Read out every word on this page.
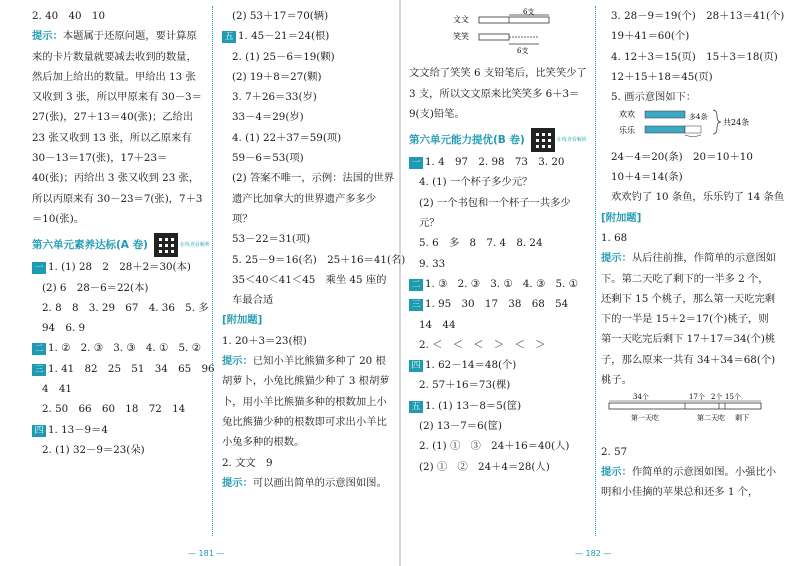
2. 40　40　10

提示：本题属于还原问题，要计算原来的卡片数量就要减去收到的数量，然后加上给出的数量。甲给出 13 张又收到 3 张，所以甲原来有 30－3＝27(张)，27＋13＝40(张)；乙给出 23 张又收到 13 张，所以乙原来有 30－13＝17(张)，17＋23＝40(张)；丙给出 3 张又收到 23 张，所以丙原来有 30－23＝7(张)，7＋3＝10(张)。

第六单元素养达标(A 卷)	在线查看解析

一 1. (1) 28　2　28＋2＝30(本)

(2) 6　28－6＝22(本)

2. 8　8　3. 29　67　4. 36　5. 多

94　6. 9

二 1. ②　2. ③　3. ③　4. ①　5. ②

三 1. 41　82　25　51　34　65　96

4　41

2. 50　66　60　18　72　14

四 1. 13－9＝4

2. (1) 32－9＝23(朵)

(2) 53＋17＝70(辆)

五 1. 45－21＝24(根)

2. (1) 25－6＝19(颗)

(2) 19＋8＝27(颗)

3. 7＋26＝33(岁)

33－4＝29(岁)

4. (1) 22＋37＝59(项)

59－6＝53(项)

(2) 答案不唯一，示例：法国的世界遗产比加拿大的世界遗产多多少项？

53－22＝31(项)

5. 25－9＝16(名)　25＋16＝41(名)

35＜40＜41＜45　乘坐 45 座的车最合适

[附加题]

1. 20＋3＝23(根)

提示：已知小羊比熊猫多种了 20 根胡萝卜，小兔比熊猫少种了 3 根胡萝卜，用小羊比熊猫多种的根数加上小兔比熊猫少种的根数即可求出小羊比小兔多种的根数。

2. 文文　9

提示：可以画出简单的示意图如图。

— 181 —
文文
笑笑
6支
6支

文文给了笑笑 6 支铅笔后，比笑笑少了 3 支，所以文文原来比笑笑多 6＋3＝9(支)铅笔。

第六单元能力提优(B 卷)	在线查看解析

一 1. 4　97　2. 98　73　3. 20

4. (1) 一个杯子多少元？

(2) 一个书包和一个杯子一共多少元？

5. 6　多　8　7. 4　8. 24

9. 33

二 1. ③　2. ③　3. ①　4. ③　5. ①

三 1. 95　30　17　38　68　54

14　44

2. ＜　＜　＜　＞　＜　＞

四 1. 62－14＝48(个)

2. 57＋16＝73(棵)

五 1. (1) 13－8＝5(筐)

(2) 13－7＝6(筐)

2. (1) ①　③　24＋16＝40(人)

(2) ①　②　24＋4＝28(人)

3. 28－9＝19(个)　28＋13＝41(个)

19＋41＝60(个)

4. 12＋3＝15(页)　15＋3＝18(页)

12＋15＋18＝45(页)

5. 画示意图如下：

欢欢
乐乐
多4条
共24条

24－4＝20(条)　20＝10＋10

10＋4＝14(条)

欢欢钓了 10 条鱼，乐乐钓了 14 条鱼

[附加题]

1. 68

提示：从后往前推，作简单的示意图如下。第二天吃了剩下的一半多 2 个，还剩下 15 个桃子，那么第一天吃完剩下的一半是 15＋2＝17(个)桃子，则第一天吃完后剩下 17＋17＝34(个)桃子，那么原来一共有 34＋34＝68(个)桃子。

34个	17个 2个 15个
第一天吃	第二天吃 剩下

2. 57

提示：作简单的示意图如图。小强比小明和小佳摘的苹果总和还多 1 个，

— 182 —
